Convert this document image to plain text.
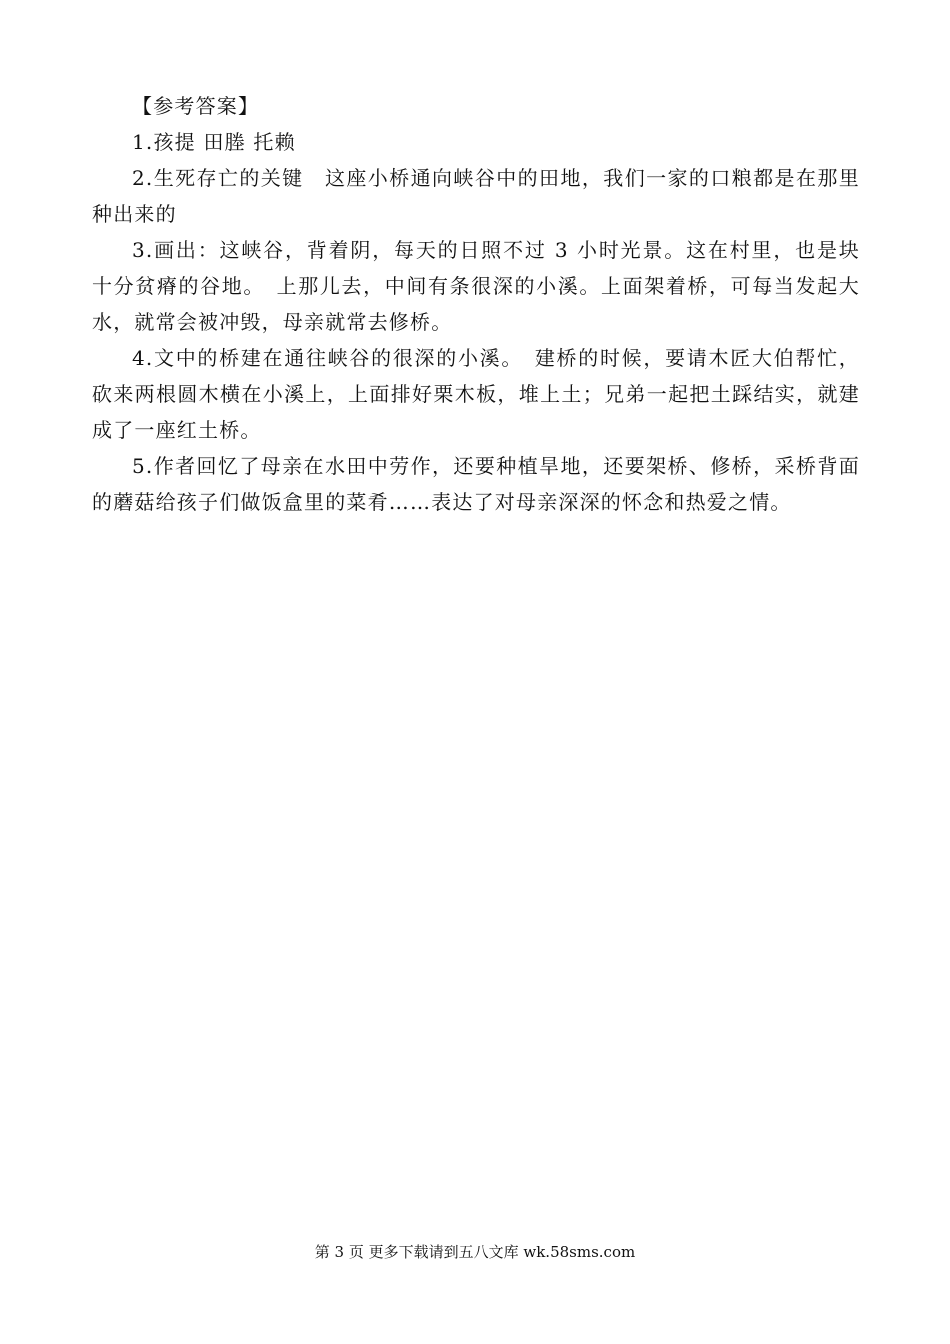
【参考答案】

1.孩提 田塍 托赖

2.生死存亡的关键　这座小桥通向峡谷中的田地，我们一家的口粮都是在那里种出来的

3.画出：这峡谷，背着阴，每天的日照不过 3 小时光景。这在村里，也是块十分贫瘠的谷地。　上那儿去，中间有条很深的小溪。上面架着桥，可每当发起大水，就常会被冲毁，母亲就常去修桥。

4.文中的桥建在通往峡谷的很深的小溪。　建桥的时候，要请木匠大伯帮忙，砍来两根圆木横在小溪上，上面排好栗木板，堆上土；兄弟一起把土踩结实，就建成了一座红土桥。

5.作者回忆了母亲在水田中劳作，还要种植旱地，还要架桥、修桥，采桥背面的蘑菇给孩子们做饭盒里的菜肴……表达了对母亲深深的怀念和热爱之情。

第 3 页 更多下载请到五八文库 wk.58sms.com
